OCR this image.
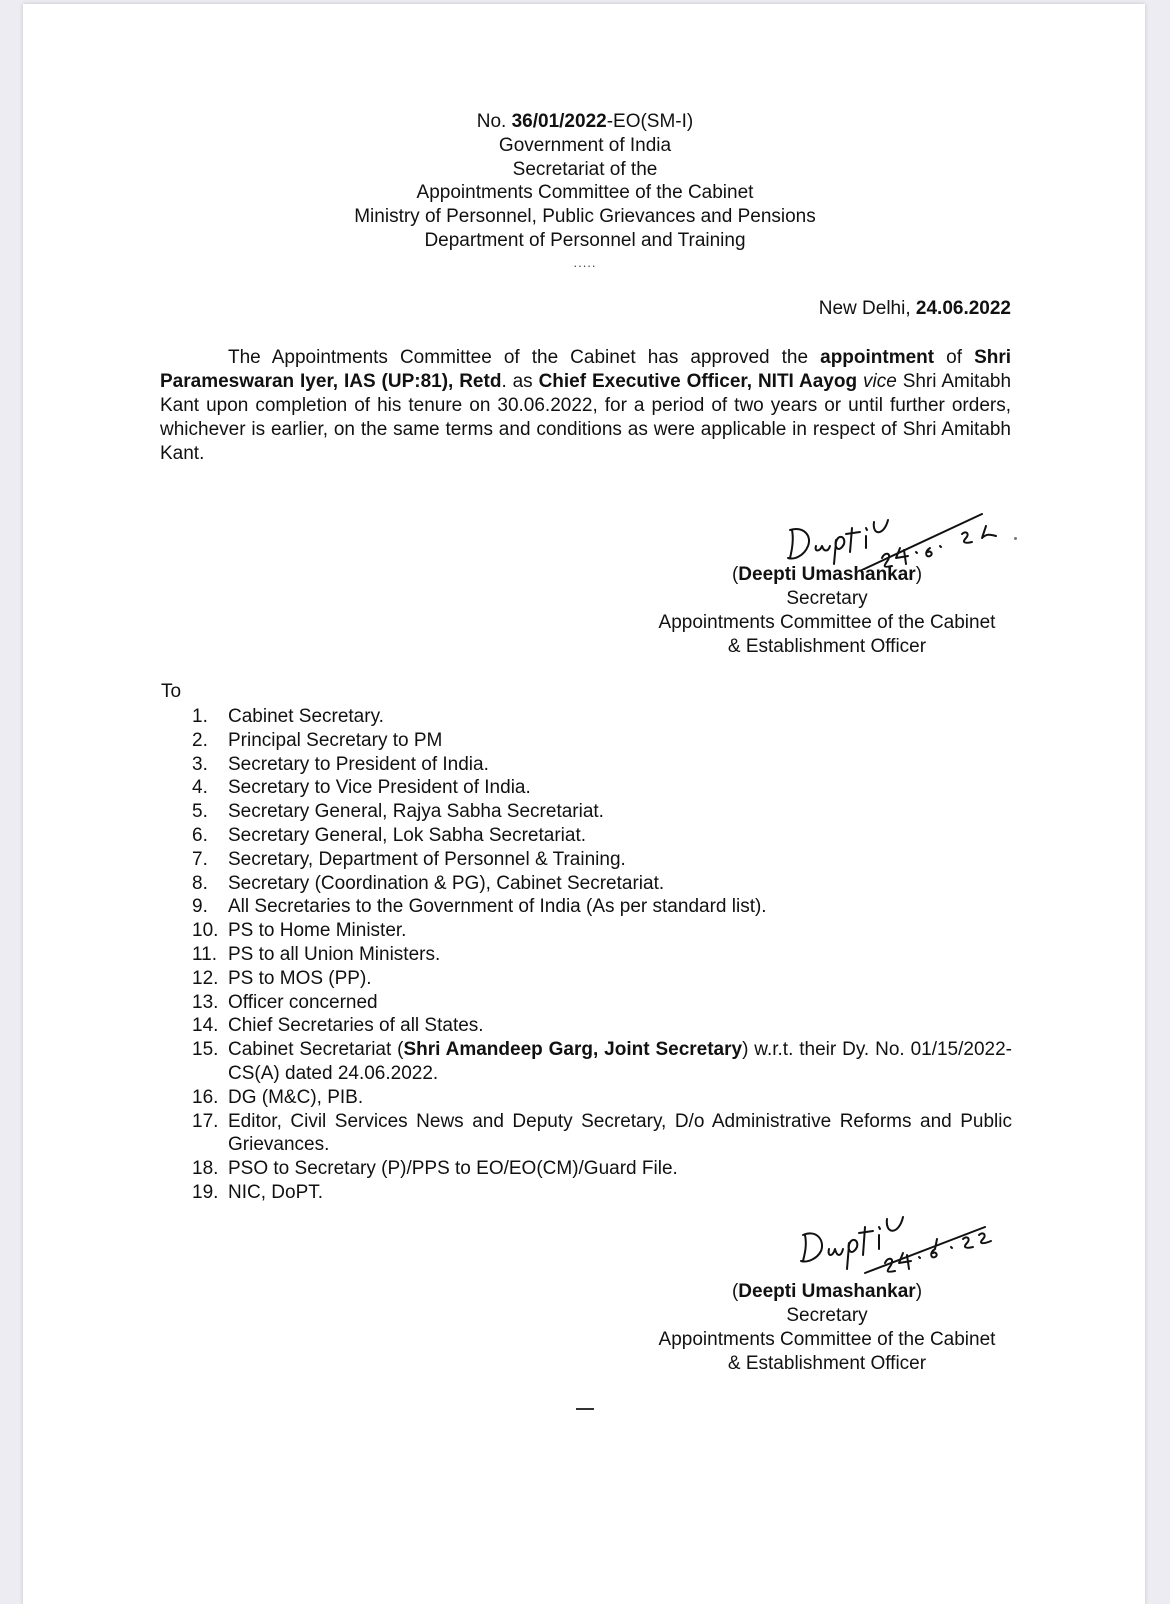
No. 36/01/2022-EO(SM-I)
Government of India
Secretariat of the
Appointments Committee of the Cabinet
Ministry of Personnel, Public Grievances and Pensions
Department of Personnel and Training
.....
New Delhi, 24.06.2022
The Appointments Committee of the Cabinet has approved the appointment of Shri Parameswaran Iyer, IAS (UP:81), Retd. as Chief Executive Officer, NITI Aayog vice Shri Amitabh Kant upon completion of his tenure on 30.06.2022, for a period of two years or until further orders, whichever is earlier, on the same terms and conditions as were applicable in respect of Shri Amitabh Kant.
(Deepti Umashankar)
Secretary
Appointments Committee of the Cabinet
& Establishment Officer
To
1.	Cabinet Secretary.
2.	Principal Secretary to PM
3.	Secretary to President of India.
4.	Secretary to Vice President of India.
5.	Secretary General, Rajya Sabha Secretariat.
6.	Secretary General, Lok Sabha Secretariat.
7.	Secretary, Department of Personnel & Training.
8.	Secretary (Coordination & PG), Cabinet Secretariat.
9.	All Secretaries to the Government of India (As per standard list).
10. PS to Home Minister.
11. PS to all Union Ministers.
12. PS to MOS (PP).
13. Officer concerned
14. Chief Secretaries of all States.
15. Cabinet Secretariat (Shri Amandeep Garg, Joint Secretary) w.r.t. their Dy. No. 01/15/2022-CS(A) dated 24.06.2022.
16. DG (M&C), PIB.
17. Editor, Civil Services News and Deputy Secretary, D/o Administrative Reforms and Public Grievances.
18. PSO to Secretary (P)/PPS to EO/EO(CM)/Guard File.
19. NIC, DoPT.
(Deepti Umashankar)
Secretary
Appointments Committee of the Cabinet
& Establishment Officer
